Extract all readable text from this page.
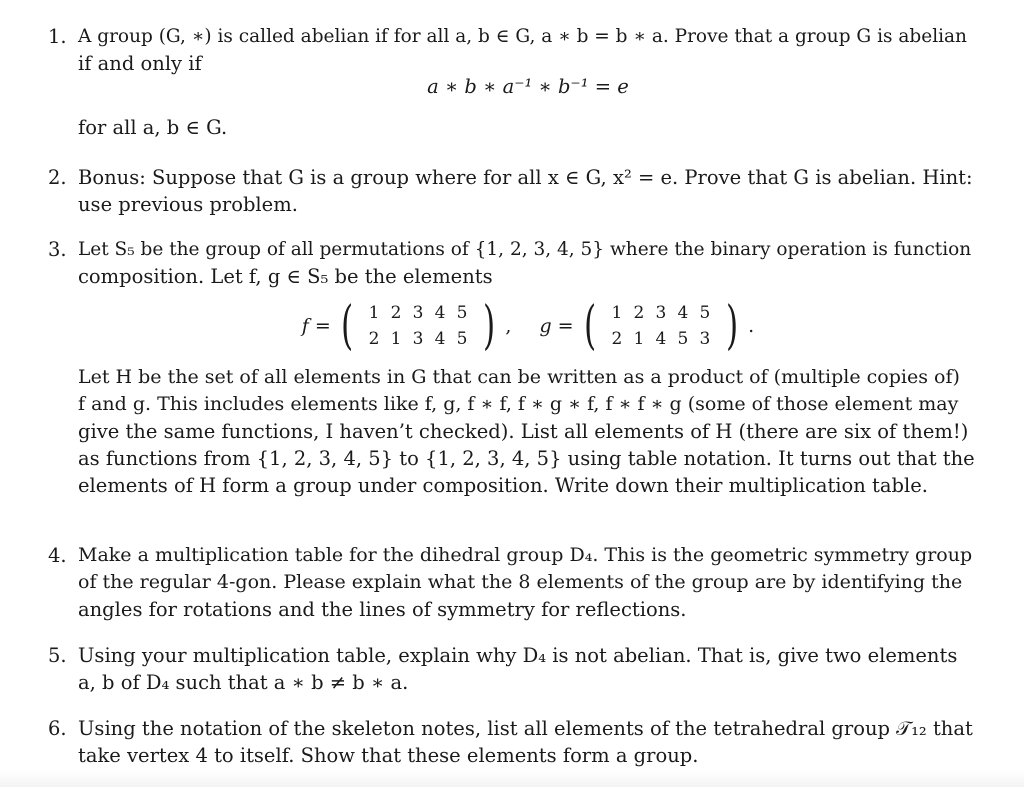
1. A group (G, ∗) is called abelian if for all a, b ∈ G, a ∗ b = b ∗ a. Prove that a group G is abelian
if and only if
a ∗ b ∗ a⁻¹ ∗ b⁻¹ = e
for all a, b ∈ G.
2. Bonus: Suppose that G is a group where for all x ∈ G, x² = e. Prove that G is abelian. Hint:
use previous problem.
3. Let S₅ be the group of all permutations of {1, 2, 3, 4, 5} where the binary operation is function
composition. Let f, g ∈ S₅ be the elements
f = ( 1 2 3 4 5
2 1 3 4 5 ) , g = ( 1 2 3 4 5
2 1 4 5 3 ) .
Let H be the set of all elements in G that can be written as a product of (multiple copies of)
f and g. This includes elements like f, g, f ∗ f, f ∗ g ∗ f, f ∗ f ∗ g (some of those element may
give the same functions, I haven’t checked). List all elements of H (there are six of them!)
as functions from {1, 2, 3, 4, 5} to {1, 2, 3, 4, 5} using table notation. It turns out that the
elements of H form a group under composition. Write down their multiplication table.
4. Make a multiplication table for the dihedral group D₄. This is the geometric symmetry group
of the regular 4-gon. Please explain what the 8 elements of the group are by identifying the
angles for rotations and the lines of symmetry for reflections.
5. Using your multiplication table, explain why D₄ is not abelian. That is, give two elements
a, b of D₄ such that a ∗ b ≠ b ∗ a.
6. Using the notation of the skeleton notes, list all elements of the tetrahedral group 𝒯₁₂ that
take vertex 4 to itself. Show that these elements form a group.
